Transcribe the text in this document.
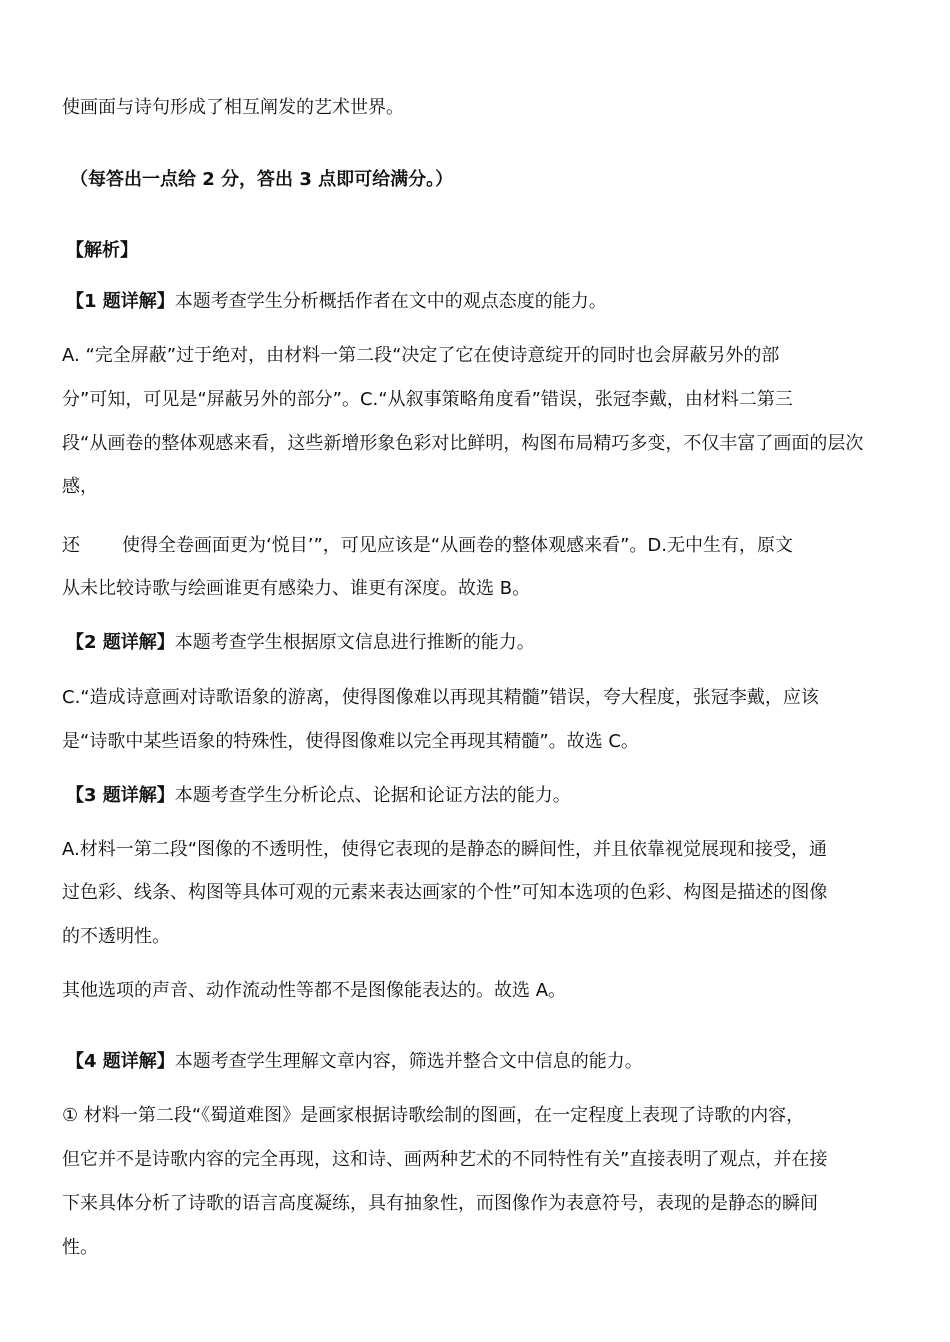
使画面与诗句形成了相互阐发的艺术世界。

（每答出一点给 2 分，答出 3 点即可给满分。）

【解析】

【1 题详解】本题考查学生分析概括作者在文中的观点态度的能力。

A. “完全屏蔽”过于绝对，由材料一第二段“决定了它在使诗意绽开的同时也会屏蔽另外的部

分”可知，可见是“屏蔽另外的部分”。C.“从叙事策略角度看”错误，张冠李戴，由材料二第三

段“从画卷的整体观感来看，这些新增形象色彩对比鲜明，构图布局精巧多变，不仅丰富了画面的层次

感，

还 使得全卷画面更为‘悦目’”，可见应该是“从画卷的整体观感来看”。D.无中生有，原文

从未比较诗歌与绘画谁更有感染力、谁更有深度。故选 B。

【2 题详解】本题考查学生根据原文信息进行推断的能力。

C.“造成诗意画对诗歌语象的游离，使得图像难以再现其精髓”错误，夸大程度，张冠李戴，应该

是“诗歌中某些语象的特殊性，使得图像难以完全再现其精髓”。故选 C。

【3 题详解】本题考查学生分析论点、论据和论证方法的能力。

A.材料一第二段“图像的不透明性，使得它表现的是静态的瞬间性，并且依靠视觉展现和接受，通

过色彩、线条、构图等具体可观的元素来表达画家的个性”可知本选项的色彩、构图是描述的图像

的不透明性。

其他选项的声音、动作流动性等都不是图像能表达的。故选 A。

【4 题详解】本题考查学生理解文章内容，筛选并整合文中信息的能力。

① 材料一第二段“《蜀道难图》是画家根据诗歌绘制的图画，在一定程度上表现了诗歌的内容，

但它并不是诗歌内容的完全再现，这和诗、画两种艺术的不同特性有关”直接表明了观点，并在接

下来具体分析了诗歌的语言高度凝练，具有抽象性，而图像作为表意符号，表现的是静态的瞬间

性。
